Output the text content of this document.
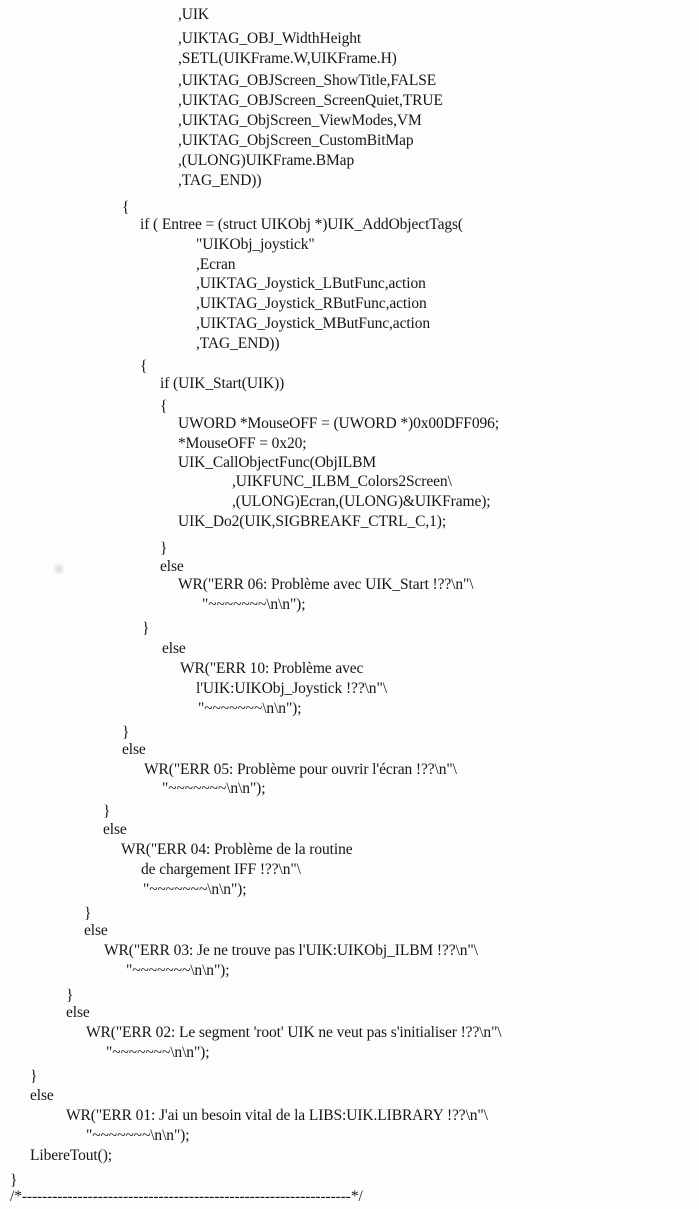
,UIK
,UIKTAG_OBJ_WidthHeight
,SETL(UIKFrame.W,UIKFrame.H)
,UIKTAG_OBJScreen_ShowTitle,FALSE
,UIKTAG_OBJScreen_ScreenQuiet,TRUE
,UIKTAG_ObjScreen_ViewModes,VM
,UIKTAG_ObjScreen_CustomBitMap
,(ULONG)UIKFrame.BMap
,TAG_END))
{
if ( Entree = (struct UIKObj *)UIK_AddObjectTags(
"UIKObj_joystick"
,Ecran
,UIKTAG_Joystick_LButFunc,action
,UIKTAG_Joystick_RButFunc,action
,UIKTAG_Joystick_MButFunc,action
,TAG_END))
{
if (UIK_Start(UIK))
{
UWORD *MouseOFF = (UWORD *)0x00DFF096;
*MouseOFF = 0x20;
UIK_CallObjectFunc(ObjILBM
,UIKFUNC_ILBM_Colors2Screen\
,(ULONG)Ecran,(ULONG)&UIKFrame);
UIK_Do2(UIK,SIGBREAKF_CTRL_C,1);
}
else
WR("ERR 06: Problème avec UIK_Start !??\n"\
"~~~~~~~\n\n");
}
else
WR("ERR 10: Problème avec
l'UIK:UIKObj_Joystick !??\n"\
"~~~~~~~\n\n");
}
else
WR("ERR 05: Problème pour ouvrir l'écran !??\n"\
"~~~~~~~\n\n");
}
else
WR("ERR 04: Problème de la routine
de chargement IFF !??\n"\
"~~~~~~~\n\n");
}
else
WR("ERR 03: Je ne trouve pas l'UIK:UIKObj_ILBM !??\n"\
"~~~~~~~\n\n");
}
else
WR("ERR 02: Le segment 'root' UIK ne veut pas s'initialiser !??\n"\
"~~~~~~~\n\n");
}
else
WR("ERR 01: J'ai un besoin vital de la LIBS:UIK.LIBRARY !??\n"\
"~~~~~~~\n\n");
LibereTout();
}
/*-----------------------------------------------------------------*/
